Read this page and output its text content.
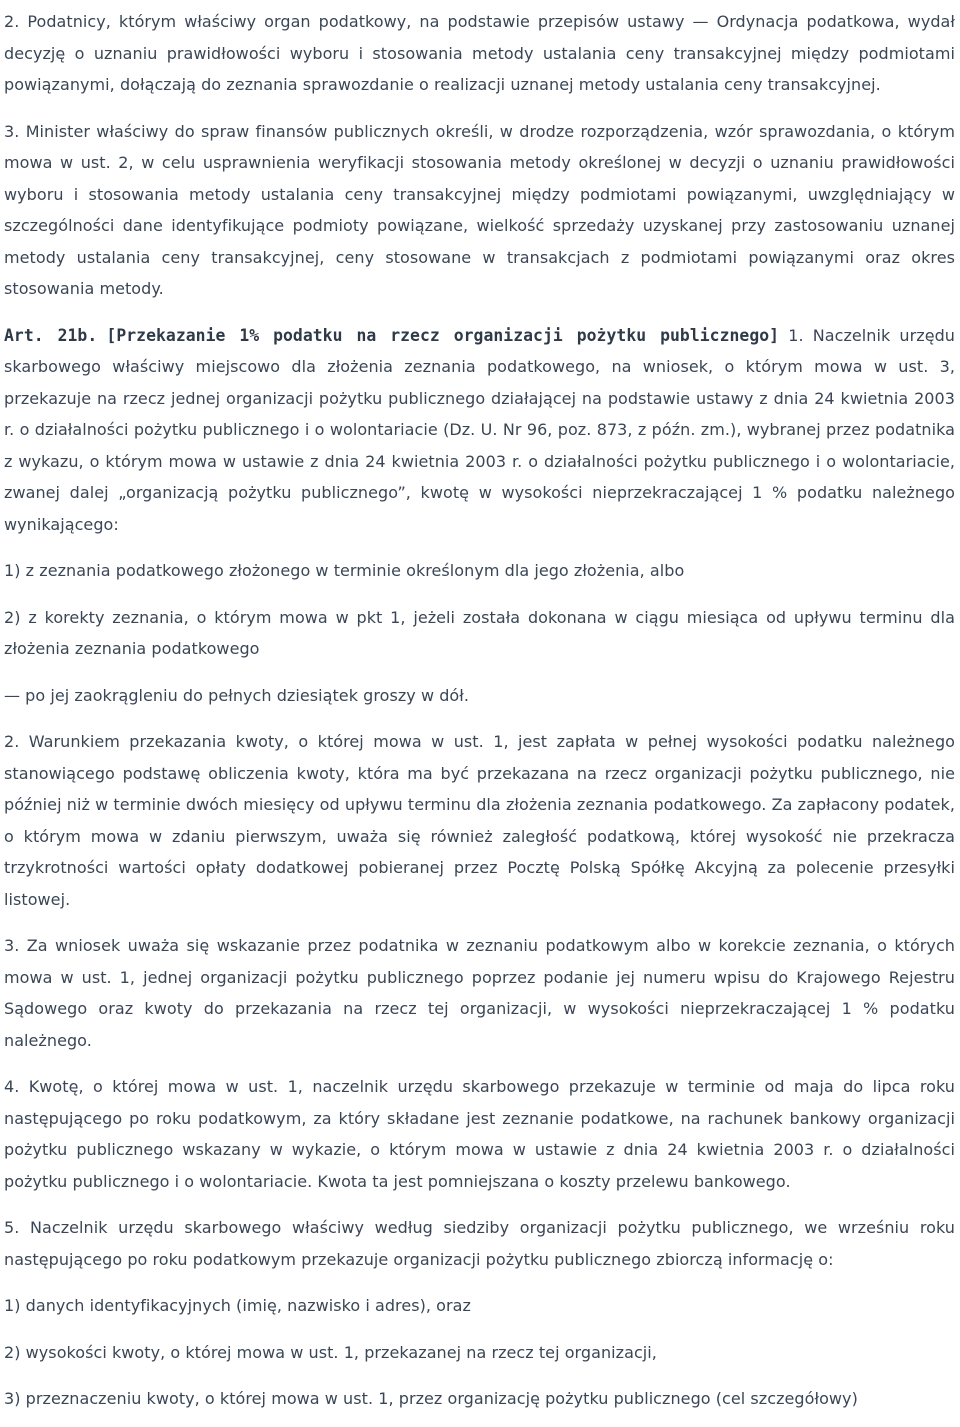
2. Podatnicy, którym właściwy organ podatkowy, na podstawie przepisów ustawy — Ordynacja podatkowa, wydał decyzję o uznaniu prawidłowości wyboru i stosowania metody ustalania ceny transakcyjnej między podmiotami powiązanymi, dołączają do zeznania sprawozdanie o realizacji uznanej metody ustalania ceny transakcyjnej.

3. Minister właściwy do spraw finansów publicznych określi, w drodze rozporządzenia, wzór sprawozdania, o którym mowa w ust. 2, w celu usprawnienia weryfikacji stosowania metody określonej w decyzji o uznaniu prawidłowości wyboru i stosowania metody ustalania ceny transakcyjnej między podmiotami powiązanymi, uwzględniający w szczególności dane identyfikujące podmioty powiązane, wielkość sprzedaży uzyskanej przy zastosowaniu uznanej metody ustalania ceny transakcyjnej, ceny stosowane w transakcjach z podmiotami powiązanymi oraz okres stosowania metody.

Art. 21b. [Przekazanie 1% podatku na rzecz organizacji pożytku publicznego] 1. Naczelnik urzędu skarbowego właściwy miejscowo dla złożenia zeznania podatkowego, na wniosek, o którym mowa w ust. 3, przekazuje na rzecz jednej organizacji pożytku publicznego działającej na podstawie ustawy z dnia 24 kwietnia 2003 r. o działalności pożytku publicznego i o wolontariacie (Dz. U. Nr 96, poz. 873, z późn. zm.), wybranej przez podatnika z wykazu, o którym mowa w ustawie z dnia 24 kwietnia 2003 r. o działalności pożytku publicznego i o wolontariacie, zwanej dalej „organizacją pożytku publicznego”, kwotę w wysokości nieprzekraczającej 1 % podatku należnego wynikającego:

1) z zeznania podatkowego złożonego w terminie określonym dla jego złożenia, albo

2) z korekty zeznania, o którym mowa w pkt 1, jeżeli została dokonana w ciągu miesiąca od upływu terminu dla złożenia zeznania podatkowego

— po jej zaokrągleniu do pełnych dziesiątek groszy w dół.

2. Warunkiem przekazania kwoty, o której mowa w ust. 1, jest zapłata w pełnej wysokości podatku należnego stanowiącego podstawę obliczenia kwoty, która ma być przekazana na rzecz organizacji pożytku publicznego, nie później niż w terminie dwóch miesięcy od upływu terminu dla złożenia zeznania podatkowego. Za zapłacony podatek, o którym mowa w zdaniu pierwszym, uważa się również zaległość podatkową, której wysokość nie przekracza trzykrotności wartości opłaty dodatkowej pobieranej przez Pocztę Polską Spółkę Akcyjną za polecenie przesyłki listowej.

3. Za wniosek uważa się wskazanie przez podatnika w zeznaniu podatkowym albo w korekcie zeznania, o których mowa w ust. 1, jednej organizacji pożytku publicznego poprzez podanie jej numeru wpisu do Krajowego Rejestru Sądowego oraz kwoty do przekazania na rzecz tej organizacji, w wysokości nieprzekraczającej 1 % podatku należnego.

4. Kwotę, o której mowa w ust. 1, naczelnik urzędu skarbowego przekazuje w terminie od maja do lipca roku następującego po roku podatkowym, za który składane jest zeznanie podatkowe, na rachunek bankowy organizacji pożytku publicznego wskazany w wykazie, o którym mowa w ustawie z dnia 24 kwietnia 2003 r. o działalności pożytku publicznego i o wolontariacie. Kwota ta jest pomniejszana o koszty przelewu bankowego.

5. Naczelnik urzędu skarbowego właściwy według siedziby organizacji pożytku publicznego, we wrześniu roku następującego po roku podatkowym przekazuje organizacji pożytku publicznego zbiorczą informację o:

1) danych identyfikacyjnych (imię, nazwisko i adres), oraz

2) wysokości kwoty, o której mowa w ust. 1, przekazanej na rzecz tej organizacji,

3) przeznaczeniu kwoty, o której mowa w ust. 1, przez organizację pożytku publicznego (cel szczegółowy)
